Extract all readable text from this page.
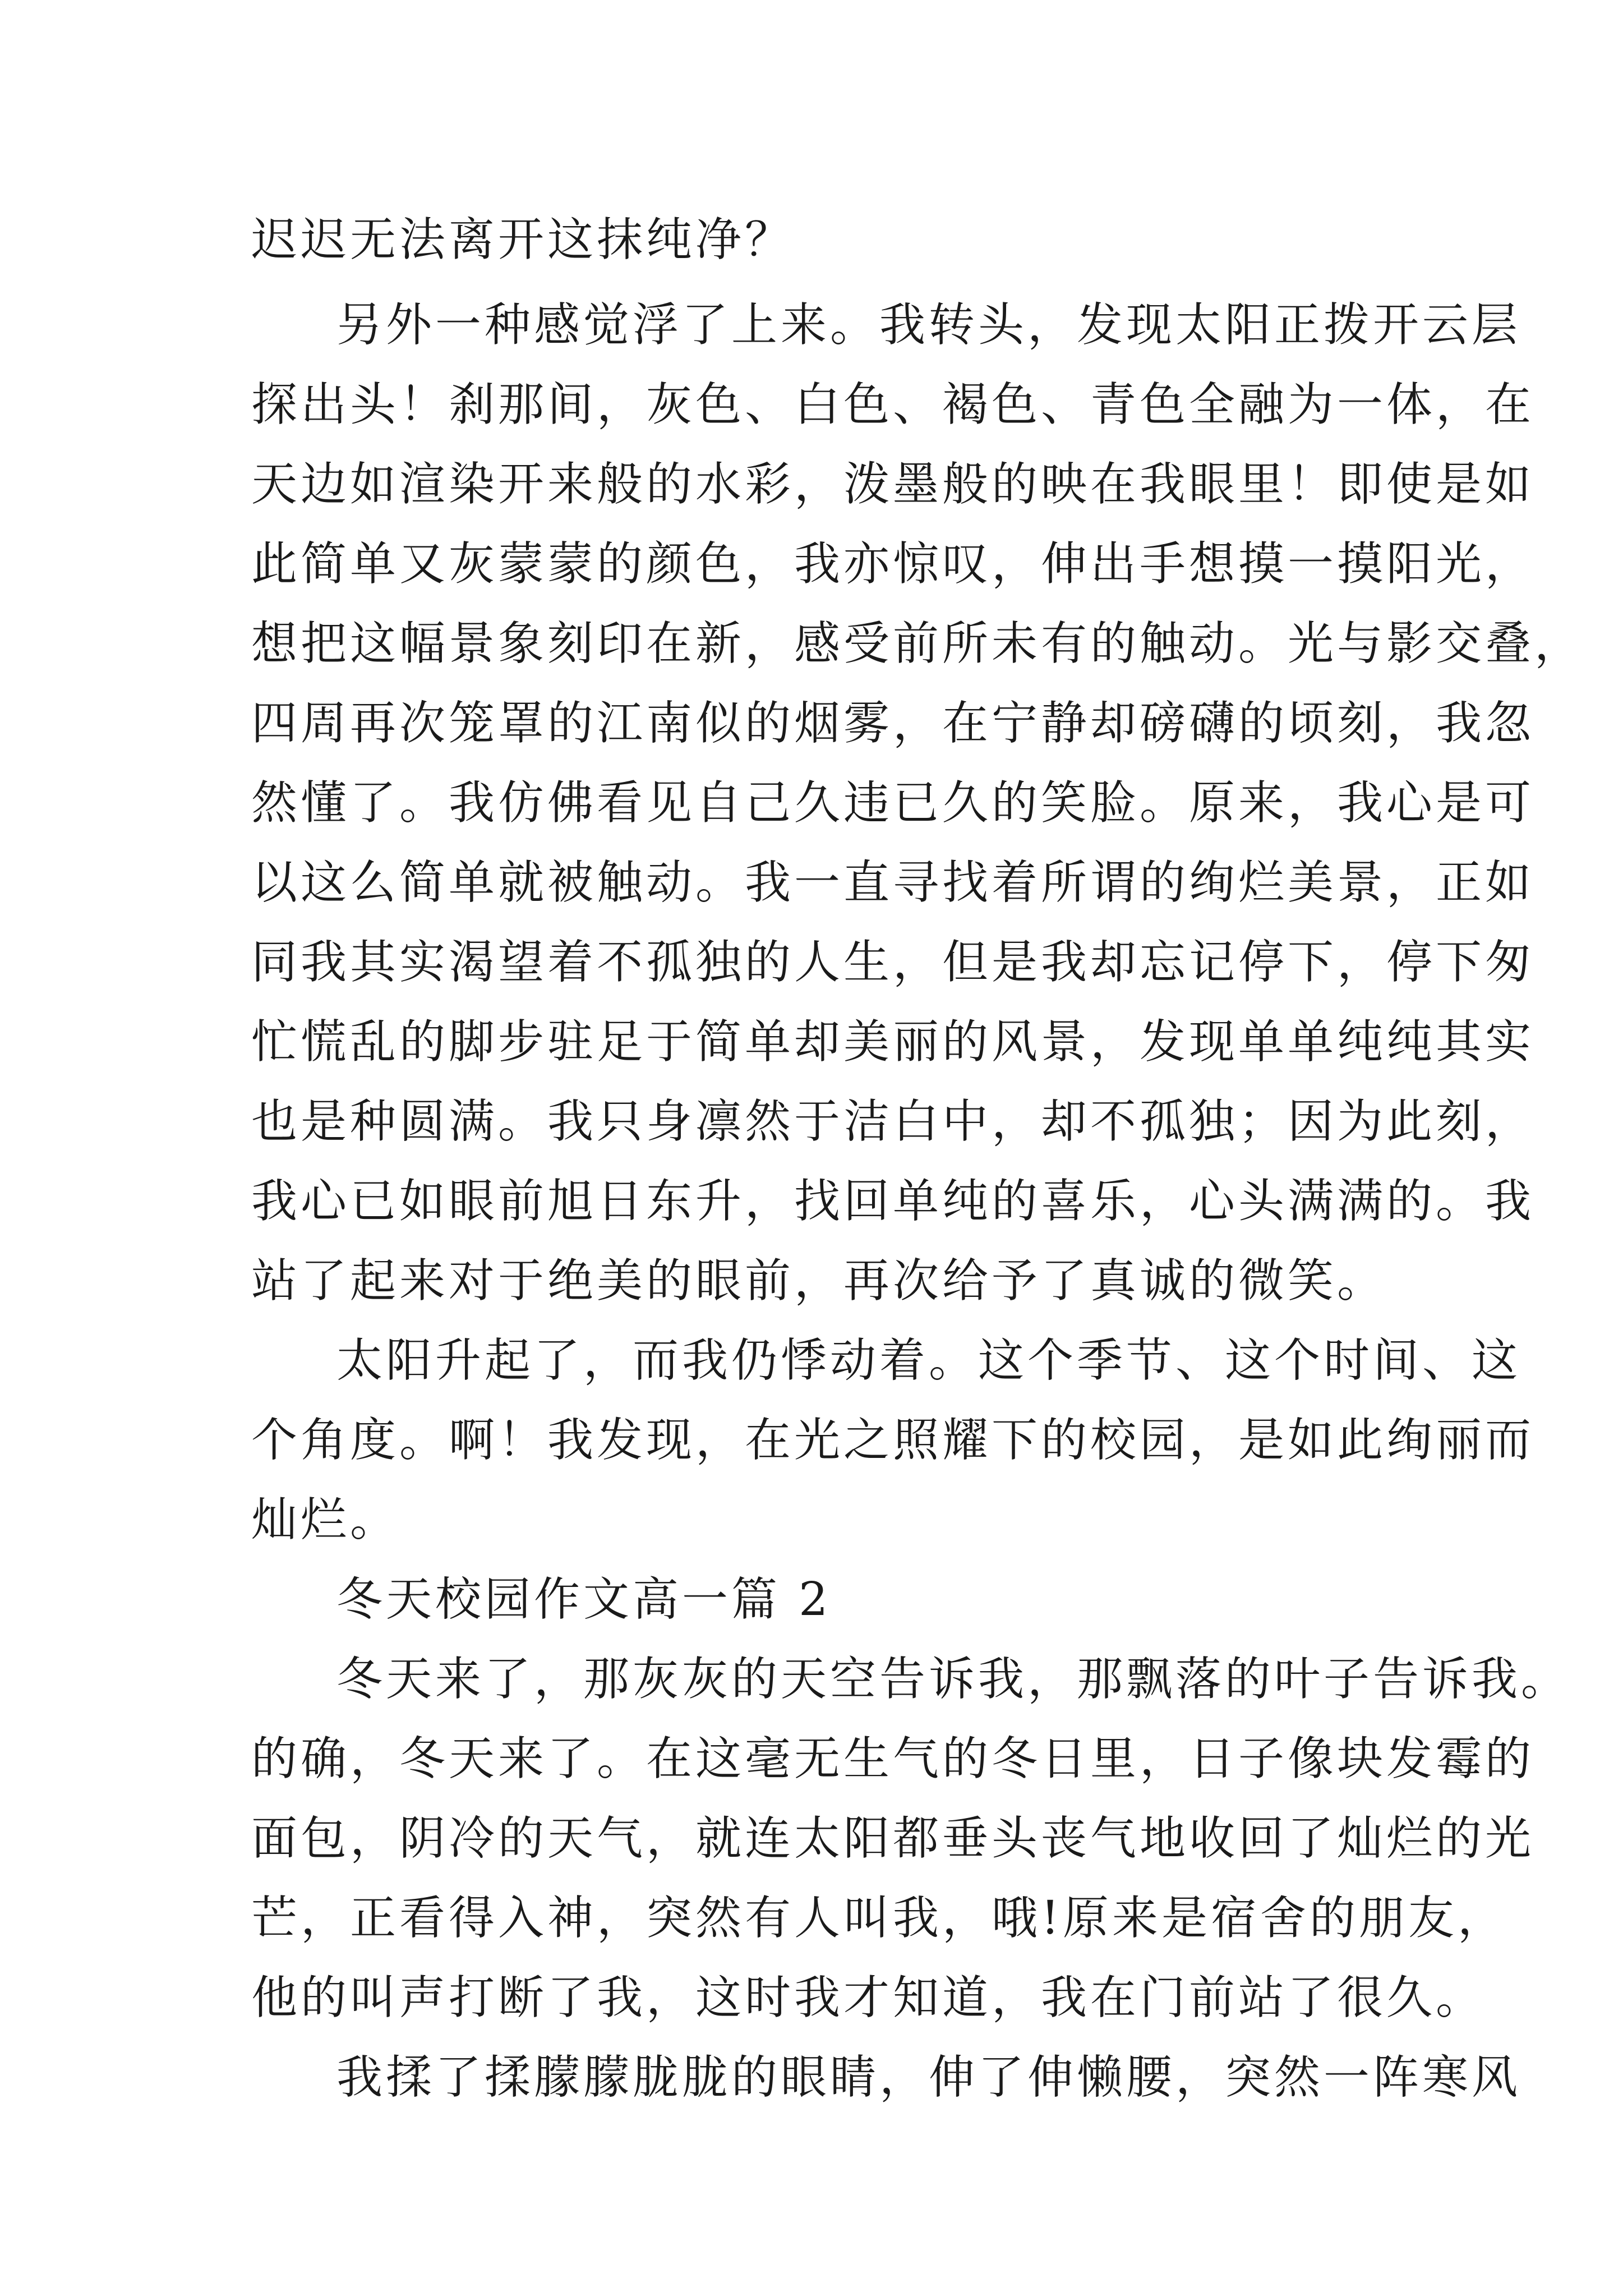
迟迟无法离开这抹纯净？
另外一种感觉浮了上来。我转头，发现太阳正拨开云层
探出头！刹那间，灰色、白色、褐色、青色全融为一体，在
天边如渲染开来般的水彩，泼墨般的映在我眼里！即使是如
此简单又灰蒙蒙的颜色，我亦惊叹，伸出手想摸一摸阳光，
想把这幅景象刻印在新，感受前所未有的触动。光与影交叠，
四周再次笼罩的江南似的烟雾，在宁静却磅礴的顷刻，我忽
然懂了。我仿佛看见自己久违已久的笑脸。原来，我心是可
以这么简单就被触动。我一直寻找着所谓的绚烂美景，正如
同我其实渴望着不孤独的人生，但是我却忘记停下，停下匆
忙慌乱的脚步驻足于简单却美丽的风景，发现单单纯纯其实
也是种圆满。我只身凛然于洁白中，却不孤独；因为此刻，
我心已如眼前旭日东升，找回单纯的喜乐，心头满满的。我
站了起来对于绝美的眼前，再次给予了真诚的微笑。
太阳升起了，而我仍悸动着。这个季节、这个时间、这
个角度。啊！我发现，在光之照耀下的校园，是如此绚丽而
灿烂。
冬天校园作文高一篇 2
冬天来了，那灰灰的天空告诉我，那飘落的叶子告诉我。
的确，冬天来了。在这毫无生气的冬日里，日子像块发霉的
面包，阴冷的天气，就连太阳都垂头丧气地收回了灿烂的光
芒，正看得入神，突然有人叫我，哦!原来是宿舍的朋友，
他的叫声打断了我，这时我才知道，我在门前站了很久。
我揉了揉朦朦胧胧的眼睛，伸了伸懒腰，突然一阵寒风
